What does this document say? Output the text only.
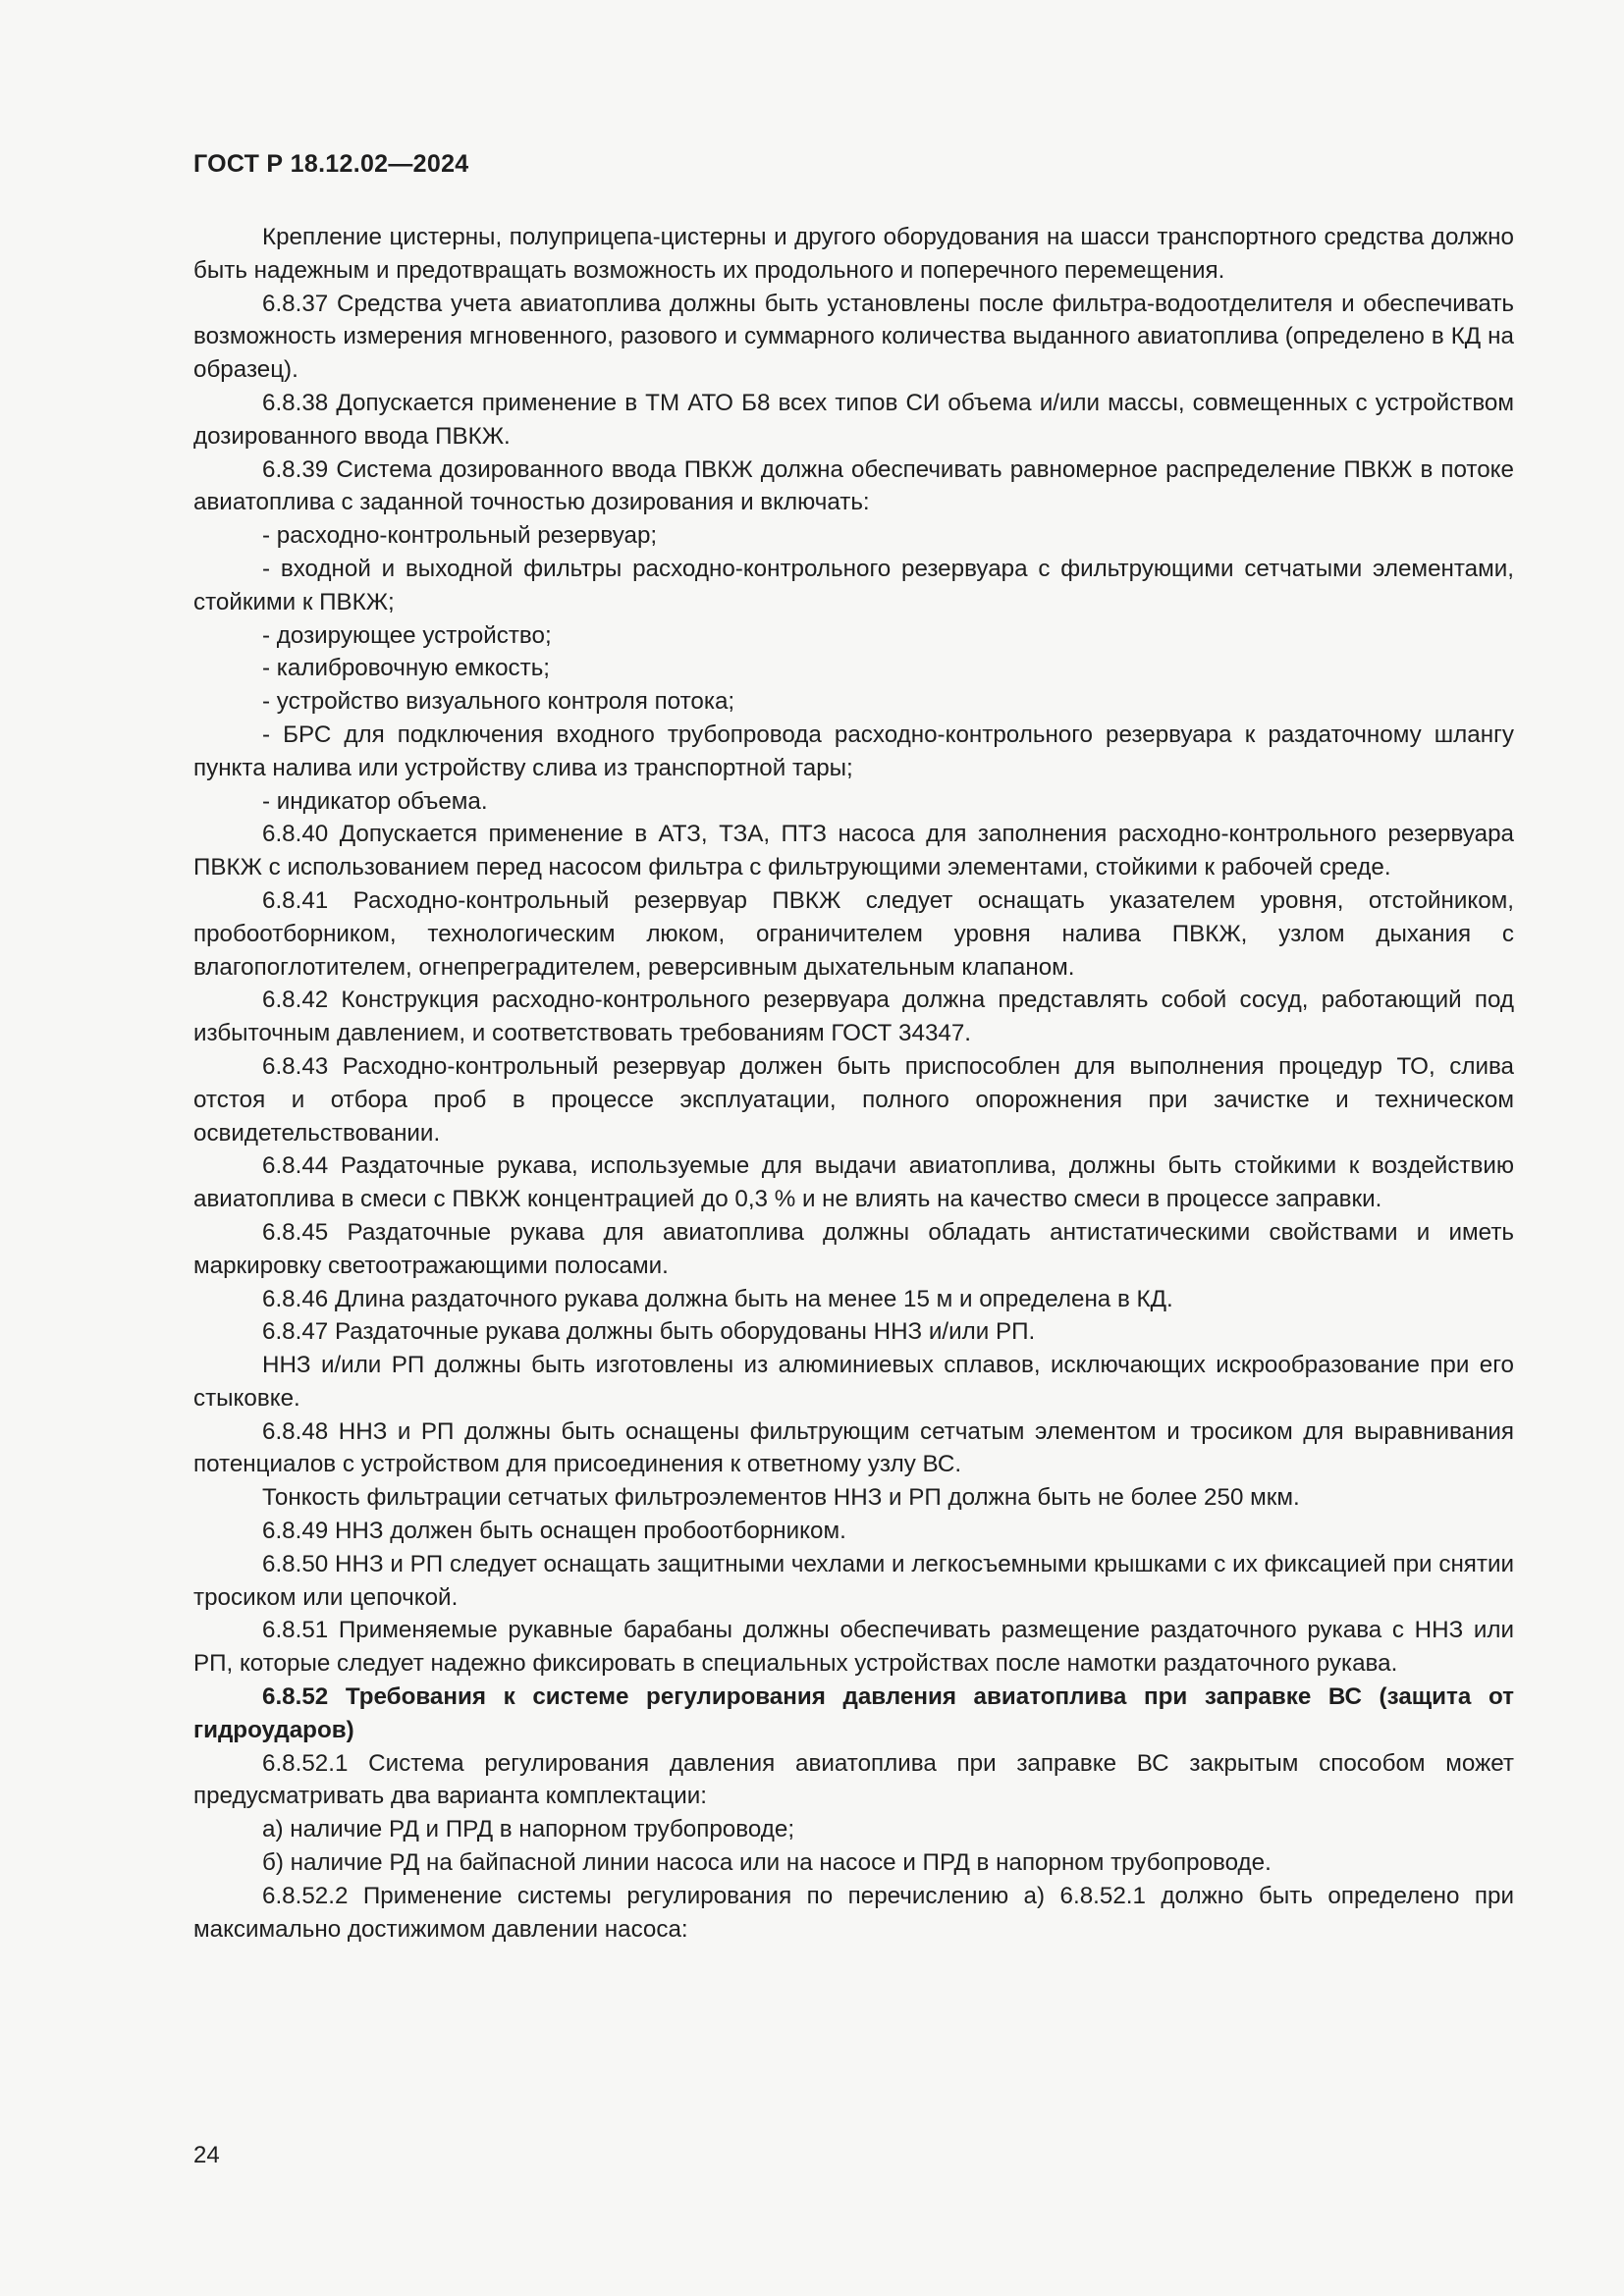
ГОСТ Р 18.12.02—2024

Крепление цистерны, полуприцепа-цистерны и другого оборудования на шасси транспортного средства должно быть надежным и предотвращать возможность их продольного и поперечного перемещения.

6.8.37 Средства учета авиатоплива должны быть установлены после фильтра-водоотделителя и обеспечивать возможность измерения мгновенного, разового и суммарного количества выданного авиатоплива (определено в КД на образец).

6.8.38 Допускается применение в ТМ АТО Б8 всех типов СИ объема и/или массы, совмещенных с устройством дозированного ввода ПВКЖ.

6.8.39 Система дозированного ввода ПВКЖ должна обеспечивать равномерное распределение ПВКЖ в потоке авиатоплива с заданной точностью дозирования и включать:

- расходно-контрольный резервуар;

- входной и выходной фильтры расходно-контрольного резервуара с фильтрующими сетчатыми элементами, стойкими к ПВКЖ;

- дозирующее устройство;

- калибровочную емкость;

- устройство визуального контроля потока;

- БРС для подключения входного трубопровода расходно-контрольного резервуара к раздаточному шлангу пункта налива или устройству слива из транспортной тары;

- индикатор объема.

6.8.40 Допускается применение в АТЗ, ТЗА, ПТЗ насоса для заполнения расходно-контрольного резервуара ПВКЖ с использованием перед насосом фильтра с фильтрующими элементами, стойкими к рабочей среде.

6.8.41 Расходно-контрольный резервуар ПВКЖ следует оснащать указателем уровня, отстойником, пробоотборником, технологическим люком, ограничителем уровня налива ПВКЖ, узлом дыхания с влагопоглотителем, огнепреградителем, реверсивным дыхательным клапаном.

6.8.42 Конструкция расходно-контрольного резервуара должна представлять собой сосуд, работающий под избыточным давлением, и соответствовать требованиям ГОСТ 34347.

6.8.43 Расходно-контрольный резервуар должен быть приспособлен для выполнения процедур ТО, слива отстоя и отбора проб в процессе эксплуатации, полного опорожнения при зачистке и техническом освидетельствовании.

6.8.44 Раздаточные рукава, используемые для выдачи авиатоплива, должны быть стойкими к воздействию авиатоплива в смеси с ПВКЖ концентрацией до 0,3 % и не влиять на качество смеси в процессе заправки.

6.8.45 Раздаточные рукава для авиатоплива должны обладать антистатическими свойствами и иметь маркировку светоотражающими полосами.

6.8.46 Длина раздаточного рукава должна быть на менее 15 м и определена в КД.

6.8.47 Раздаточные рукава должны быть оборудованы ННЗ и/или РП.

ННЗ и/или РП должны быть изготовлены из алюминиевых сплавов, исключающих искрообразование при его стыковке.

6.8.48 ННЗ и РП должны быть оснащены фильтрующим сетчатым элементом и тросиком для выравнивания потенциалов с устройством для присоединения к ответному узлу ВС.

Тонкость фильтрации сетчатых фильтроэлементов ННЗ и РП должна быть не более 250 мкм.

6.8.49 ННЗ должен быть оснащен пробоотборником.

6.8.50 ННЗ и РП следует оснащать защитными чехлами и легкосъемными крышками с их фиксацией при снятии тросиком или цепочкой.

6.8.51 Применяемые рукавные барабаны должны обеспечивать размещение раздаточного рукава с ННЗ или РП, которые следует надежно фиксировать в специальных устройствах после намотки раздаточного рукава.

6.8.52 Требования к системе регулирования давления авиатоплива при заправке ВС (защита от гидроударов)

6.8.52.1 Система регулирования давления авиатоплива при заправке ВС закрытым способом может предусматривать два варианта комплектации:

а) наличие РД и ПРД в напорном трубопроводе;

б) наличие РД на байпасной линии насоса или на насосе и ПРД в напорном трубопроводе.

6.8.52.2 Применение системы регулирования по перечислению а) 6.8.52.1 должно быть определено при максимально достижимом давлении насоса:

24
